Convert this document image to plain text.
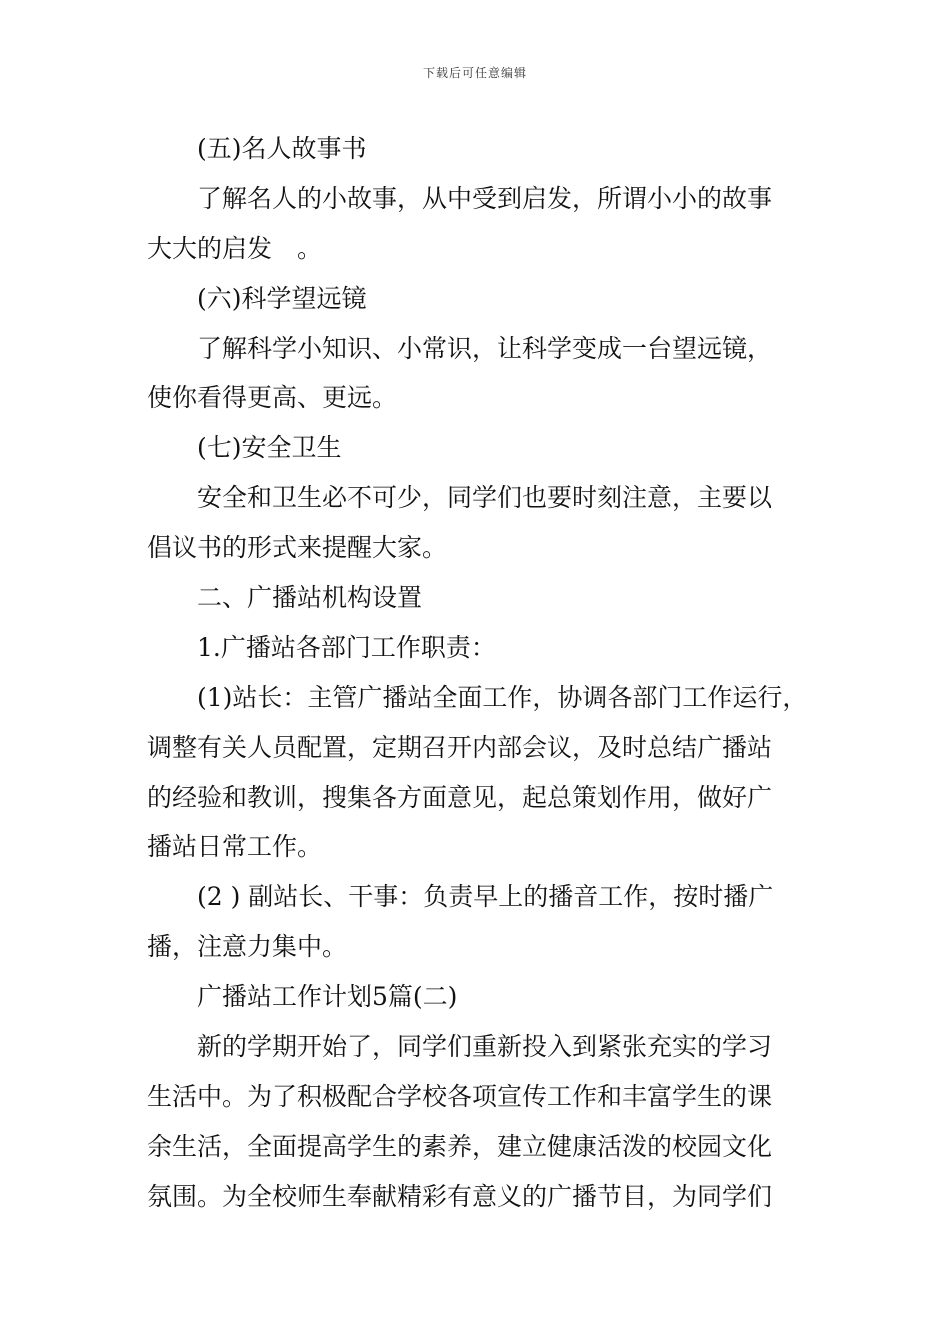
下载后可任意编辑
(五)名人故事书
了解名人的小故事，从中受到启发，所谓小小的故事
大大的启发　。
(六)科学望远镜
了解科学小知识、小常识，让科学变成一台望远镜，
使你看得更高、更远。
(七)安全卫生
安全和卫生必不可少，同学们也要时刻注意，主要以
倡议书的形式来提醒大家。
二、广播站机构设置
1.广播站各部门工作职责：
(1)站长：主管广播站全面工作，协调各部门工作运行，
调整有关人员配置，定期召开内部会议，及时总结广播站
的经验和教训，搜集各方面意见，起总策划作用，做好广
播站日常工作。
(2 ) 副站长、干事：负责早上的播音工作，按时播广
播，注意力集中。
广播站工作计划5篇(二)
新的学期开始了，同学们重新投入到紧张充实的学习
生活中。为了积极配合学校各项宣传工作和丰富学生的课
余生活，全面提高学生的素养，建立健康活泼的校园文化
氛围。为全校师生奉献精彩有意义的广播节目，为同学们
